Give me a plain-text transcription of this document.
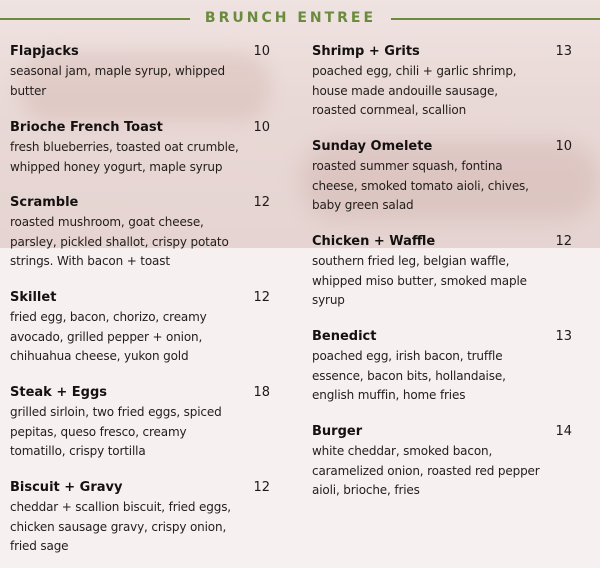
BRUNCH ENTREE
Flapjacks	10
seasonal jam, maple syrup, whipped
butter
Brioche French Toast	10
fresh blueberries, toasted oat crumble,
whipped honey yogurt, maple syrup
Scramble	12
roasted mushroom, goat cheese,
parsley, pickled shallot, crispy potato
strings. With bacon + toast
Skillet	12
fried egg, bacon, chorizo, creamy
avocado, grilled pepper + onion,
chihuahua cheese, yukon gold
Steak + Eggs	18
grilled sirloin, two fried eggs, spiced
pepitas, queso fresco, creamy
tomatillo, crispy tortilla
Biscuit + Gravy	12
cheddar + scallion biscuit, fried eggs,
chicken sausage gravy, crispy onion,
fried sage
Shrimp + Grits	13
poached egg, chili + garlic shrimp,
house made andouille sausage,
roasted cornmeal, scallion
Sunday Omelete	10
roasted summer squash, fontina
cheese, smoked tomato aioli, chives,
baby green salad
Chicken + Waffle	12
southern fried leg, belgian waffle,
whipped miso butter, smoked maple
syrup
Benedict	13
poached egg, irish bacon, truffle
essence, bacon bits, hollandaise,
english muffin, home fries
Burger	14
white cheddar, smoked bacon,
caramelized onion, roasted red pepper
aioli, brioche, fries
